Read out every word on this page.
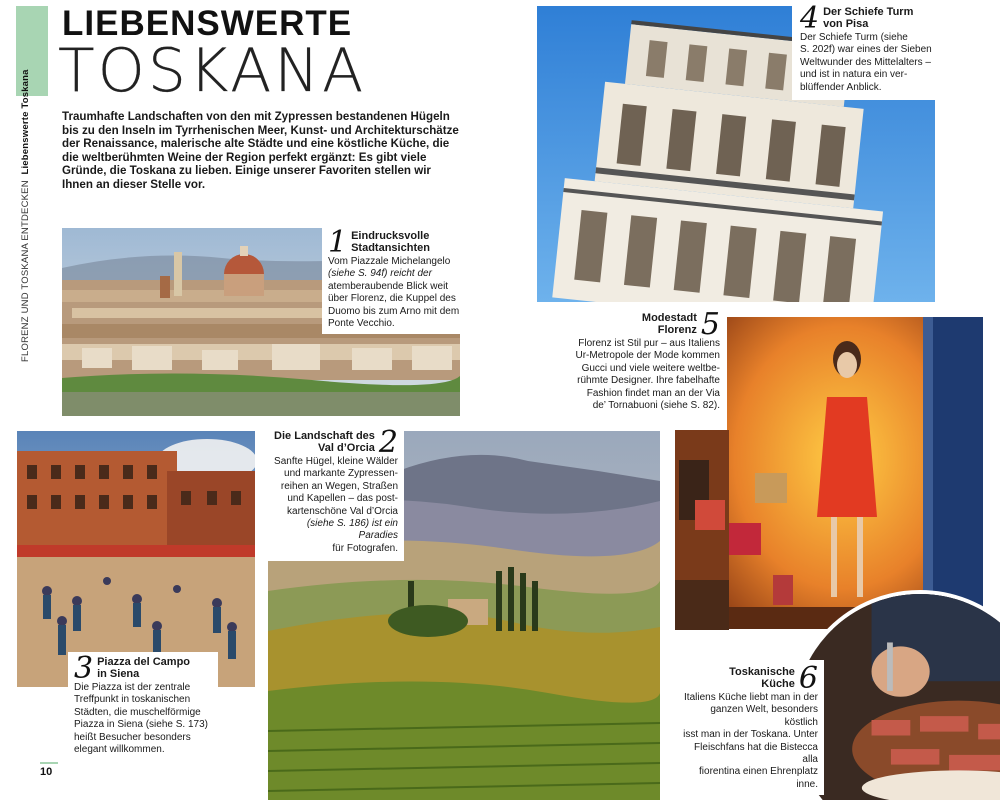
FLORENZ UND TOSKANA ENTDECKEN  Liebenswerte Toskana
LIEBENSWERTE
TOSKANA
Traumhafte Landschaften von den mit Zypressen bestandenen Hügeln bis zu den Inseln im Tyrrhenischen Meer, Kunst- und Architekturschätze der Renaissance, malerische alte Städte und eine köstliche Küche, die die weltberühmten Weine der Region perfekt ergänzt: Es gibt viele Gründe, die Toskana zu lieben. Einige unserer Favoriten stellen wir Ihnen an dieser Stelle vor.
1 Eindrucksvolle
Stadtansichten
Vom Piazzale Michelangelo
(siehe S. 94f) reicht der
atemberaubende Blick weit
über Florenz, die Kuppel des
Duomo bis zum Arno mit dem
Ponte Vecchio.
4 Der Schiefe Turm
von Pisa
Der Schiefe Turm (siehe
S. 202f) war eines der Sieben
Weltwunder des Mittelalters –
und ist in natura ein ver-
blüffender Anblick.
Modestadt
Florenz 5
Florenz ist Stil pur – aus Italiens
Ur-Metropole der Mode kommen
Gucci und viele weitere weltbe-
rühmte Designer. Ihre fabelhafte
Fashion findet man an der Via
de’ Tornabuoni (siehe S. 82).
3 Piazza del Campo
in Siena
Die Piazza ist der zentrale
Treffpunkt in toskanischen
Städten, die muschelförmige
Piazza in Siena (siehe S. 173)
heißt Besucher besonders
elegant willkommen.
Die Landschaft des
Val d’Orcia 2
Sanfte Hügel, kleine Wälder
und markante Zypressen-
reihen an Wegen, Straßen
und Kapellen – das post-
kartenschöne Val d’Orcia
(siehe S. 186) ist ein Paradies
für Fotografen.
Toskanische
Küche 6
Italiens Küche liebt man in der
ganzen Welt, besonders köstlich
isst man in der Toskana. Unter
Fleischfans hat die Bistecca alla
fiorentina einen Ehrenplatz inne.
10
